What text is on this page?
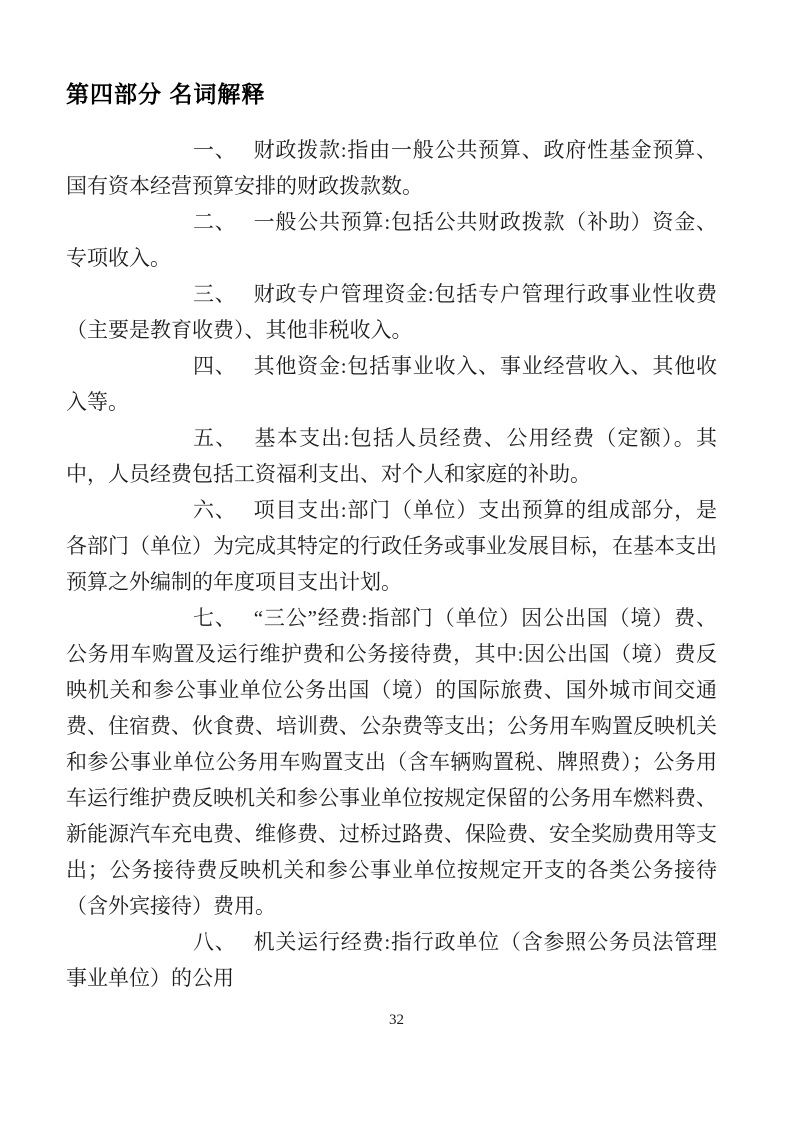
第四部分 名词解释

一、 财政拨款:指由一般公共预算、政府性基金预算、国有资本经营预算安排的财政拨款数。

二、 一般公共预算:包括公共财政拨款（补助）资金、专项收入。

三、 财政专户管理资金:包括专户管理行政事业性收费（主要是教育收费）、其他非税收入。

四、 其他资金:包括事业收入、事业经营收入、其他收入等。

五、 基本支出:包括人员经费、公用经费（定额）。其中，人员经费包括工资福利支出、对个人和家庭的补助。

六、 项目支出:部门（单位）支出预算的组成部分，是各部门（单位）为完成其特定的行政任务或事业发展目标，在基本支出预算之外编制的年度项目支出计划。

七、 “三公”经费:指部门（单位）因公出国（境）费、公务用车购置及运行维护费和公务接待费，其中:因公出国（境）费反映机关和参公事业单位公务出国（境）的国际旅费、国外城市间交通费、住宿费、伙食费、培训费、公杂费等支出；公务用车购置反映机关和参公事业单位公务用车购置支出（含车辆购置税、牌照费）；公务用车运行维护费反映机关和参公事业单位按规定保留的公务用车燃料费、新能源汽车充电费、维修费、过桥过路费、保险费、安全奖励费用等支出；公务接待费反映机关和参公事业单位按规定开支的各类公务接待（含外宾接待）费用。

八、 机关运行经费:指行政单位（含参照公务员法管理事业单位）的公用

32
